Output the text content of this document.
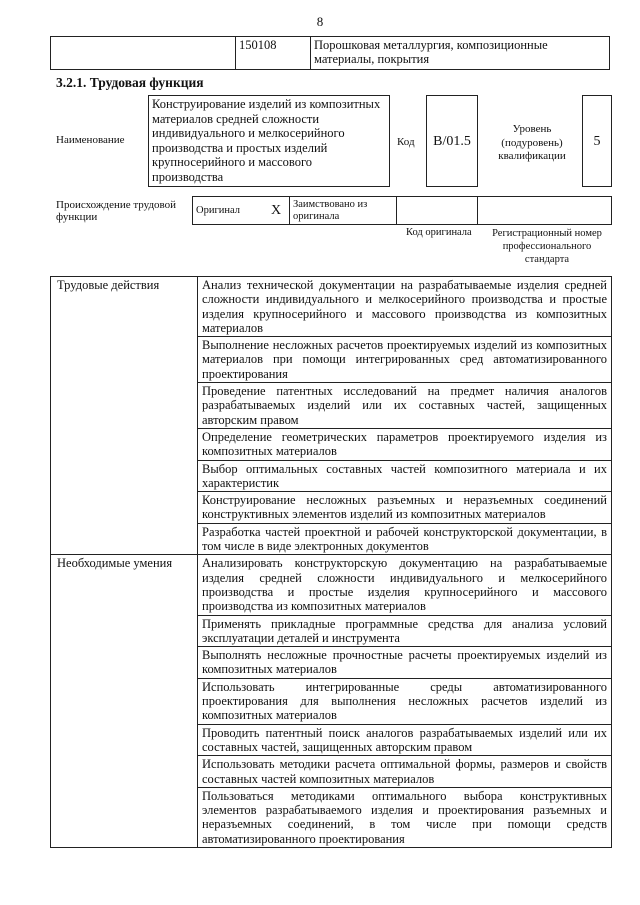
8
	150108	Порошковая металлургия, композиционные материалы, покрытия
3.2.1. Трудовая функция
Наименование
Конструирование изделий из композитных материалов средней сложности индивидуального и мелкосерийного производства и простых изделий крупносерийного и массового производства
Код	В/01.5
Уровень (подуровень) квалификации
5
Происхождение трудовой функции
Оригинал	X	Заимствовано из оригинала		
Код оригинала	Регистрационный номер профессионального стандарта
Трудовые действия	Анализ технической документации на разрабатываемые изделия средней сложности индивидуального и мелкосерийного производства и простые изделия крупносерийного и массового производства из композитных материалов
	Выполнение несложных расчетов проектируемых изделий из композитных материалов при помощи интегрированных сред автоматизированного проектирования
	Проведение патентных исследований на предмет наличия аналогов разрабатываемых изделий или их составных частей, защищенных авторским правом
	Определение геометрических параметров проектируемого изделия из композитных материалов
	Выбор оптимальных составных частей композитного материала и их характеристик
	Конструирование несложных разъемных и неразъемных соединений конструктивных элементов изделий из композитных материалов
	Разработка частей проектной и рабочей конструкторской документации, в том числе в виде электронных документов
Необходимые умения	Анализировать конструкторскую документацию на разрабатываемые изделия средней сложности индивидуального и мелкосерийного производства и простые изделия крупносерийного и массового производства из композитных материалов
	Применять прикладные программные средства для анализа условий эксплуатации деталей и инструмента
	Выполнять несложные прочностные расчеты проектируемых изделий из композитных материалов
	Использовать интегрированные среды автоматизированного проектирования для выполнения несложных расчетов изделий из композитных материалов
	Проводить патентный поиск аналогов разрабатываемых изделий или их составных частей, защищенных авторским правом
	Использовать методики расчета оптимальной формы, размеров и свойств составных частей композитных материалов
	Пользоваться методиками оптимального выбора конструктивных элементов разрабатываемого изделия и проектирования разъемных и неразъемных соединений, в том числе при помощи средств автоматизированного проектирования
